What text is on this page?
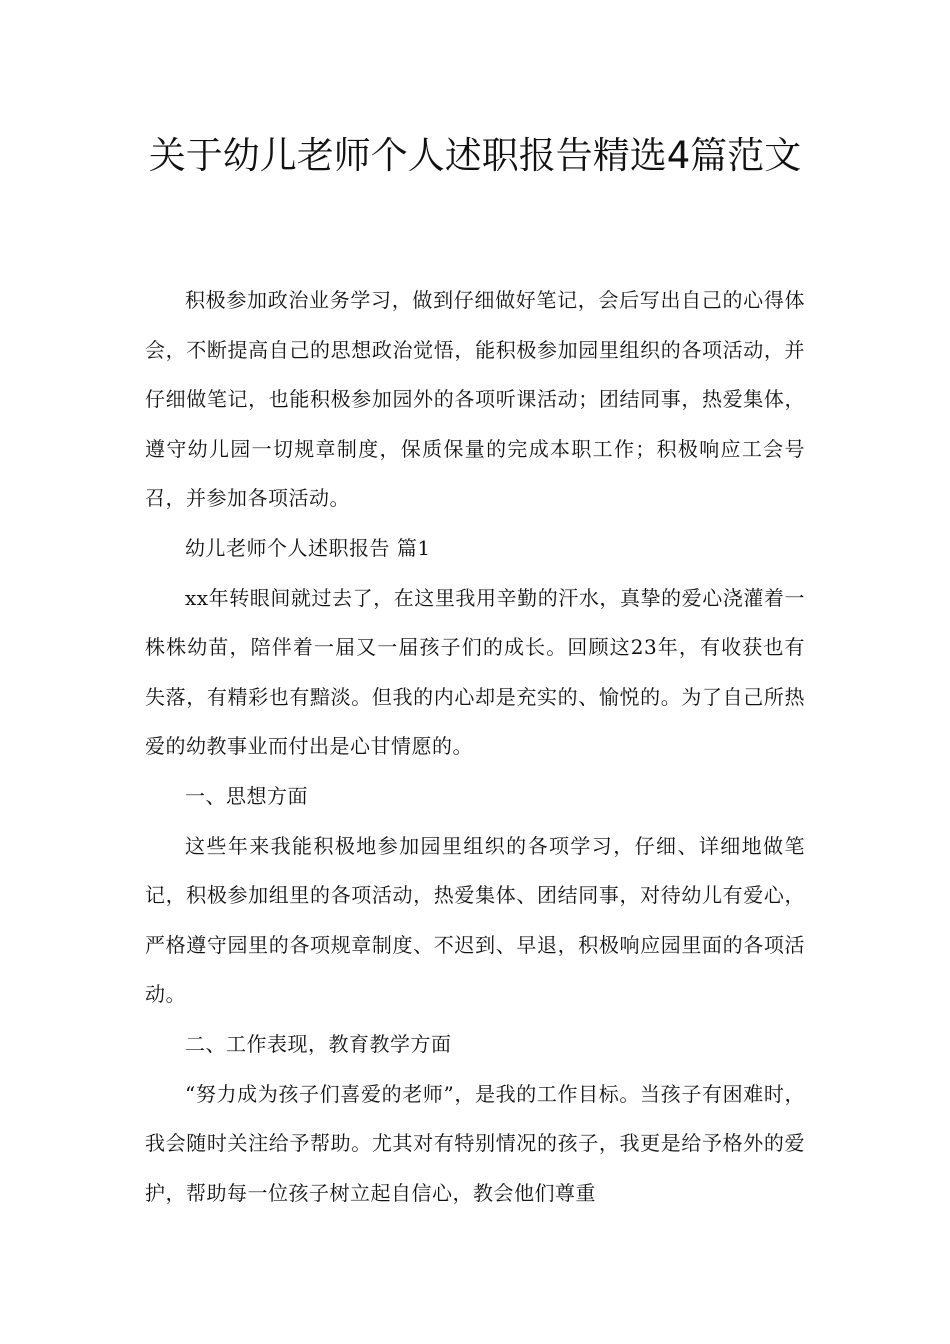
关于幼儿老师个人述职报告精选4篇范文

积极参加政治业务学习，做到仔细做好笔记，会后写出自己的心得体会，不断提高自己的思想政治觉悟，能积极参加园里组织的各项活动，并仔细做笔记，也能积极参加园外的各项听课活动；团结同事，热爱集体，遵守幼儿园一切规章制度，保质保量的完成本职工作；积极响应工会号召，并参加各项活动。

幼儿老师个人述职报告 篇1

xx年转眼间就过去了，在这里我用辛勤的汗水，真挚的爱心浇灌着一株株幼苗，陪伴着一届又一届孩子们的成长。回顾这23年，有收获也有失落，有精彩也有黯淡。但我的内心却是充实的、愉悦的。为了自己所热爱的幼教事业而付出是心甘情愿的。

一、思想方面

这些年来我能积极地参加园里组织的各项学习，仔细、详细地做笔记，积极参加组里的各项活动，热爱集体、团结同事，对待幼儿有爱心，严格遵守园里的各项规章制度、不迟到、早退，积极响应园里面的各项活动。

二、工作表现，教育教学方面

“努力成为孩子们喜爱的老师”，是我的工作目标。当孩子有困难时，我会随时关注给予帮助。尤其对有特别情况的孩子，我更是给予格外的爱护，帮助每一位孩子树立起自信心，教会他们尊重
